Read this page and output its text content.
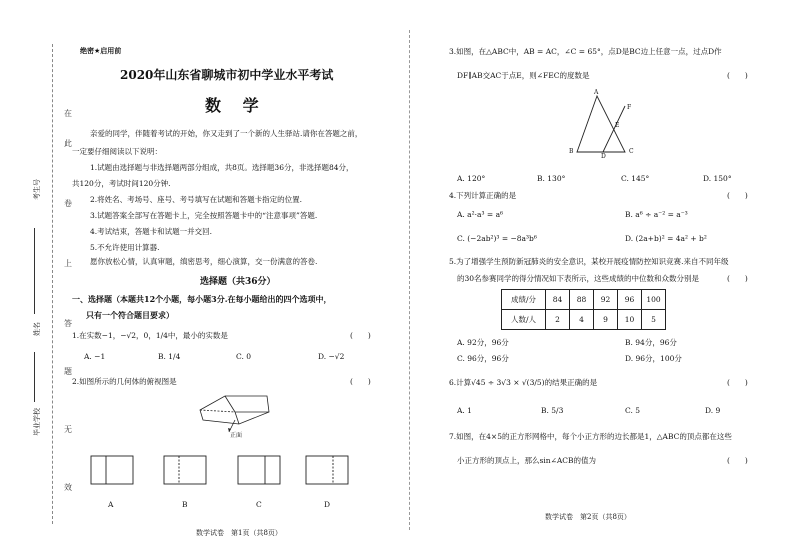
在
此
卷
上
答
题
无
效
考生号
姓名
毕业学校
绝密★启用前
2020年山东省聊城市初中学业水平考试
数 学
亲爱的同学，伴随着考试的开始，你又走到了一个新的人生驿站.请你在答题之前，
一定要仔细阅读以下说明：
1.试题由选择题与非选择题两部分组成，共8页。选择题36分，非选择题84分，
共120分，考试时间120分钟.
2.将姓名、考场号、座号、考号填写在试题和答题卡指定的位置.
3.试题答案全部写在答题卡上，完全按照答题卡中的“注意事项”答题.
4.考试结束，答题卡和试题一并交回.
5.不允许使用计算器.
愿你放松心情，认真审题，缜密思考，细心演算，交一份满意的答卷.
选择题（共36分）
一、选择题（本题共12个小题，每小题3分.在每小题给出的四个选项中，
只有一个符合题目要求）
1.在实数−1，−√2，0，1/4中，最小的实数是	(　　)
A. −1	B. 1/4	C. 0	D. −√2
2.如图所示的几何体的俯视图是	(　　)
正面
A	B	C	D
数学试卷　第1页（共8页）
3.如图，在△ABC中，AB = AC，∠C = 65°，点D是BC边上任意一点，过点D作
DF∥AB交AC于点E，则∠FEC的度数是	(　　)
A
F
E
B
D
C
A. 120°	B. 130°	C. 145°	D. 150°
4.下列计算正确的是	(　　)
A. a²·a³ = a⁶	B. a⁶ ÷ a⁻² = a⁻³
C. (−2ab²)³ = −8a³b⁶	D. (2a+b)² = 4a² + b²
5.为了增强学生预防新冠肺炎的安全意识，某校开展疫情防控知识竞赛.来自不同年级
的30名参赛同学的得分情况如下表所示，这些成绩的中位数和众数分别是	(　　)
成绩/分	84	88	92	96	100
人数/人	2	4	9	10	5
A. 92分，96分	B. 94分，96分
C. 96分，96分	D. 96分，100分
6.计算√45 ÷ 3√3 × √(3/5)的结果正确的是	(　　)
A. 1	B. 5/3	C. 5	D. 9
7.如图，在4×5的正方形网格中，每个小正方形的边长都是1，△ABC的顶点都在这些
小正方形的顶点上，那么sin∠ACB的值为	(　　)
数学试卷　第2页（共8页）
